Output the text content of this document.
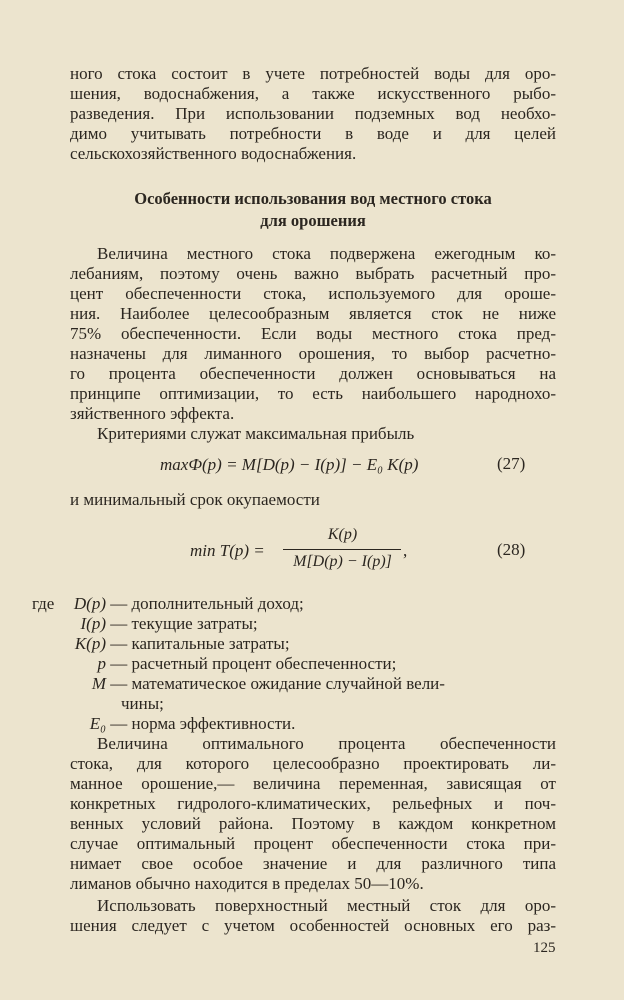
ного стока состоит в учете потребностей воды для оро-
шения, водоснабжения, а также искусственного рыбо-
разведения. При использовании подземных вод необхо-
димо учитывать потребности в воде и для целей
сельскохозяйственного водоснабжения.
Особенности использования вод местного стока
для орошения
Величина местного стока подвержена ежегодным ко-
лебаниям, поэтому очень важно выбрать расчетный про-
цент обеспеченности стока, используемого для ороше-
ния. Наиболее целесообразным является сток не ниже
75% обеспеченности. Если воды местного стока пред-
назначены для лиманного орошения, то выбор расчетно-
го процента обеспеченности должен основываться на
принципе оптимизации, то есть наибольшего народнохо-
зяйственного эффекта.
Критериями служат максимальная прибыль
maxФ(p) = M[D(p) − I(p)] − E₀ K(p)	(27)
и минимальный срок окупаемости
min T(p) =
K(p)
M[D(p) − I(p)]
,	(28)
где	D(p) — дополнительный доход;
I(p) — текущие затраты;
K(p) — капитальные затраты;
p — расчетный процент обеспеченности;
M — математическое ожидание случайной вели-
чины;
E₀ — норма эффективности.
Величина оптимального процента обеспеченности
стока, для которого целесообразно проектировать ли-
манное орошение,— величина переменная, зависящая от
конкретных гидролого-климатических, рельефных и поч-
венных условий района. Поэтому в каждом конкретном
случае оптимальный процент обеспеченности стока при-
нимает свое особое значение и для различного типа
лиманов обычно находится в пределах 50—10%.
Использовать поверхностный местный сток для оро-
шения следует с учетом особенностей основных его раз-
125
